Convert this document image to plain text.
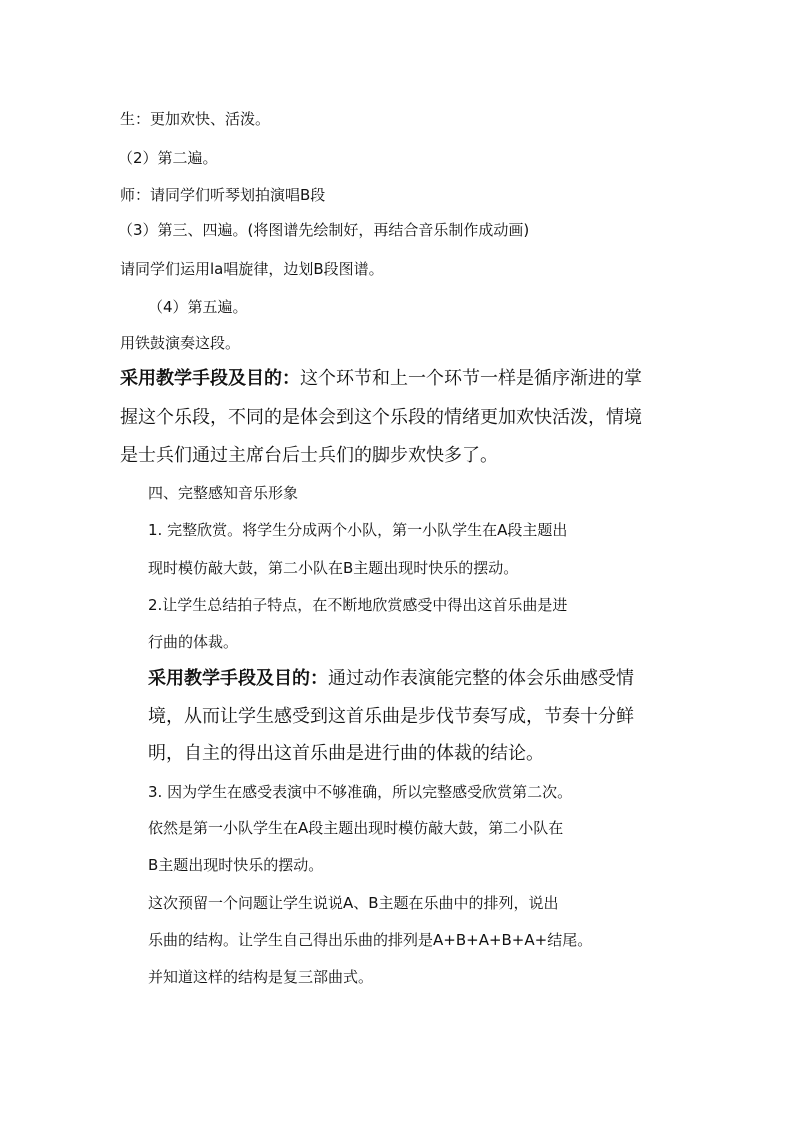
生：更加欢快、活泼。
（2）第二遍。
师：请同学们听琴划拍演唱B段
（3）第三、四遍。(将图谱先绘制好，再结合音乐制作成动画)
请同学们运用la唱旋律，边划B段图谱。
（4）第五遍。
用铁鼓演奏这段。
采用教学手段及目的：这个环节和上一个环节一样是循序渐进的掌
握这个乐段，不同的是体会到这个乐段的情绪更加欢快活泼，情境
是士兵们通过主席台后士兵们的脚步欢快多了。
四、完整感知音乐形象
1. 完整欣赏。将学生分成两个小队，第一小队学生在A段主题出
现时模仿敲大鼓，第二小队在B主题出现时快乐的摆动。
2.让学生总结拍子特点，在不断地欣赏感受中得出这首乐曲是进
行曲的体裁。
采用教学手段及目的：通过动作表演能完整的体会乐曲感受情
境，从而让学生感受到这首乐曲是步伐节奏写成，节奏十分鲜
明，自主的得出这首乐曲是进行曲的体裁的结论。
3. 因为学生在感受表演中不够准确，所以完整感受欣赏第二次。
依然是第一小队学生在A段主题出现时模仿敲大鼓，第二小队在
B主题出现时快乐的摆动。
这次预留一个问题让学生说说A、B主题在乐曲中的排列，说出
乐曲的结构。让学生自己得出乐曲的排列是A+B+A+B+A+结尾。
并知道这样的结构是复三部曲式。
